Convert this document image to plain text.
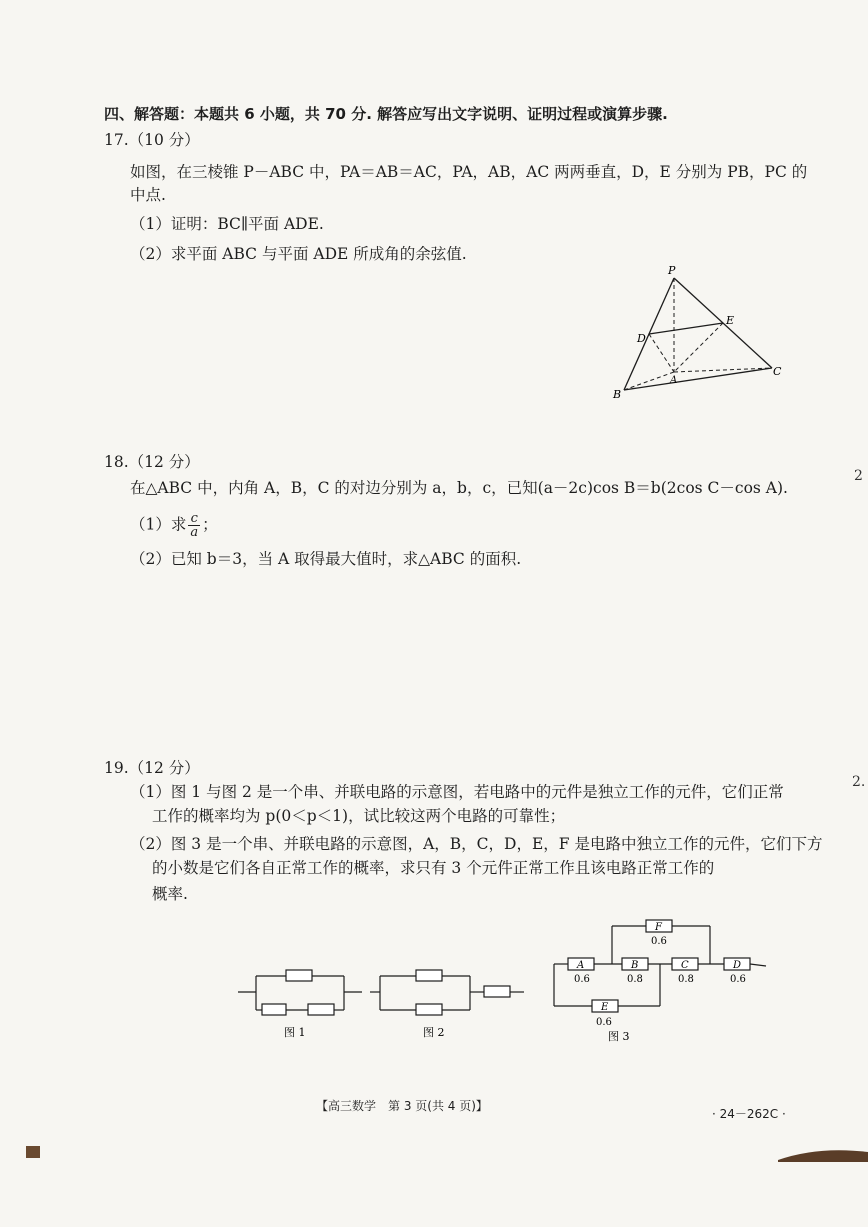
四、解答题：本题共 6 小题，共 70 分. 解答应写出文字说明、证明过程或演算步骤.
17.（10 分）
如图，在三棱锥 P－ABC 中，PA＝AB＝AC，PA，AB，AC 两两垂直，D，E 分别为 PB，PC 的
中点.
（1）证明：BC∥平面 ADE.
（2）求平面 ABC 与平面 ADE 所成角的余弦值.
P
D
E
A
B
C
18.（12 分）
在△ABC 中，内角 A，B，C 的对边分别为 a，b，c，已知(a－2c)cos B＝b(2cos C－cos A).
（1）求 $\frac{c}{a}$ ；
（2）已知 b＝3，当 A 取得最大值时，求△ABC 的面积.
19.（12 分）
（1）图 1 与图 2 是一个串、并联电路的示意图，若电路中的元件是独立工作的元件，它们正常
工作的概率均为 p(0＜p＜1)，试比较这两个电路的可靠性；
（2）图 3 是一个串、并联电路的示意图，A，B，C，D，E，F 是电路中独立工作的元件，它们下方
的小数是它们各自正常工作的概率，求只有 3 个元件正常工作且该电路正常工作的
概率.
图 1	图 2
F
0.6
A
0.6
B
0.8
C
0.8
D
0.6
E
0.6
图 3
2
2.
【高三数学　第 3 页(共 4 页)】
· 24－262C ·
